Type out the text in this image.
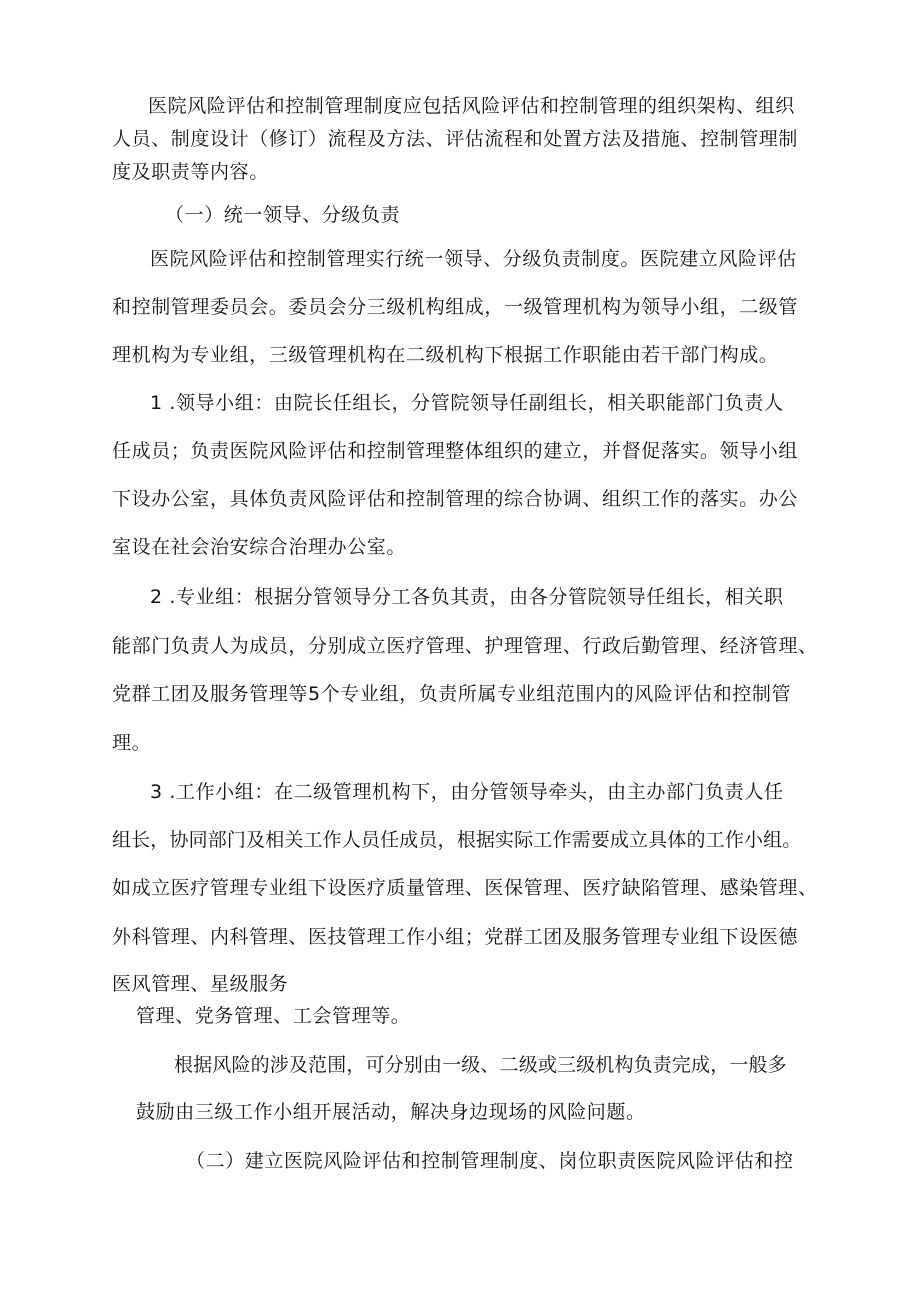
医院风险评估和控制管理制度应包括风险评估和控制管理的组织架构、组织
人员、制度设计（修订）流程及方法、评估流程和处置方法及措施、控制管理制
度及职责等内容。
（一）统一领导、分级负责
医院风险评估和控制管理实行统一领导、分级负责制度。医院建立风险评估
和控制管理委员会。委员会分三级机构组成，一级管理机构为领导小组，二级管
理机构为专业组，三级管理机构在二级机构下根据工作职能由若干部门构成。
1 .领导小组：由院长任组长，分管院领导任副组长，相关职能部门负责人
任成员；负责医院风险评估和控制管理整体组织的建立，并督促落实。领导小组
下设办公室，具体负责风险评估和控制管理的综合协调、组织工作的落实。办公
室设在社会治安综合治理办公室。
2 .专业组：根据分管领导分工各负其责，由各分管院领导任组长，相关职
能部门负责人为成员，分别成立医疗管理、护理管理、行政后勤管理、经济管理、
党群工团及服务管理等5个专业组，负责所属专业组范围内的风险评估和控制管
理。
3 .工作小组：在二级管理机构下，由分管领导牵头，由主办部门负责人任
组长，协同部门及相关工作人员任成员，根据实际工作需要成立具体的工作小组。
如成立医疗管理专业组下设医疗质量管理、医保管理、医疗缺陷管理、感染管理、
外科管理、内科管理、医技管理工作小组；党群工团及服务管理专业组下设医德
医风管理、星级服务
管理、党务管理、工会管理等。
根据风险的涉及范围，可分别由一级、二级或三级机构负责完成，一般多
鼓励由三级工作小组开展活动，解决身边现场的风险问题。
（二）建立医院风险评估和控制管理制度、岗位职责医院风险评估和控
